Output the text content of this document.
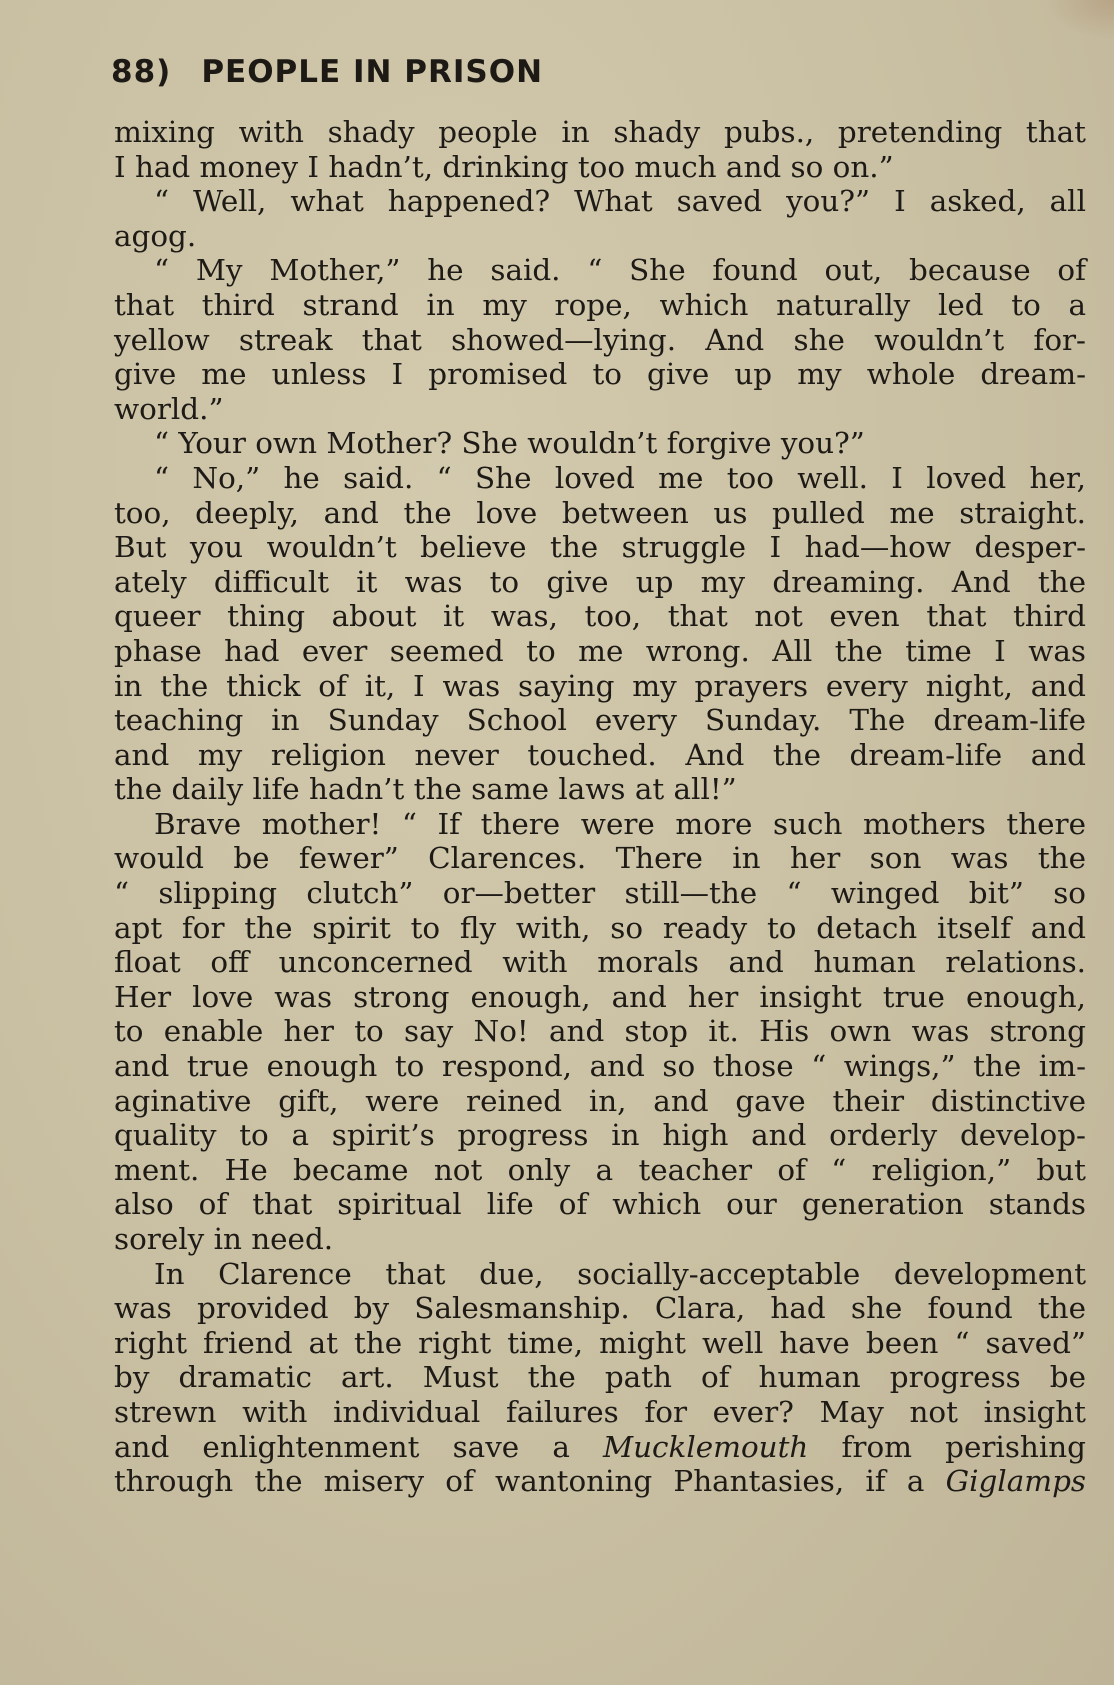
88) PEOPLE IN PRISON
mixing with shady people in shady pubs., pretending that
I had money I hadn’t, drinking too much and so on.”
“ Well, what happened? What saved you?” I asked, all
agog.
“ My Mother,” he said. “ She found out, because of
that third strand in my rope, which naturally led to a
yellow streak that showed—lying. And she wouldn’t for-
give me unless I promised to give up my whole dream-
world.”
“ Your own Mother? She wouldn’t forgive you?”
“ No,” he said. “ She loved me too well. I loved her,
too, deeply, and the love between us pulled me straight.
But you wouldn’t believe the struggle I had—how desper-
ately difficult it was to give up my dreaming. And the
queer thing about it was, too, that not even that third
phase had ever seemed to me wrong. All the time I was
in the thick of it, I was saying my prayers every night, and
teaching in Sunday School every Sunday. The dream-life
and my religion never touched. And the dream-life and
the daily life hadn’t the same laws at all!”
Brave mother! “ If there were more such mothers there
would be fewer” Clarences. There in her son was the
“ slipping clutch” or—better still—the “ winged bit” so
apt for the spirit to fly with, so ready to detach itself and
float off unconcerned with morals and human relations.
Her love was strong enough, and her insight true enough,
to enable her to say No! and stop it. His own was strong
and true enough to respond, and so those “ wings,” the im-
aginative gift, were reined in, and gave their distinctive
quality to a spirit’s progress in high and orderly develop-
ment. He became not only a teacher of “ religion,” but
also of that spiritual life of which our generation stands
sorely in need.
In Clarence that due, socially-acceptable development
was provided by Salesmanship. Clara, had she found the
right friend at the right time, might well have been “ saved”
by dramatic art. Must the path of human progress be
strewn with individual failures for ever? May not insight
and enlightenment save a Mucklemouth from perishing
through the misery of wantoning Phantasies, if a Giglamps
